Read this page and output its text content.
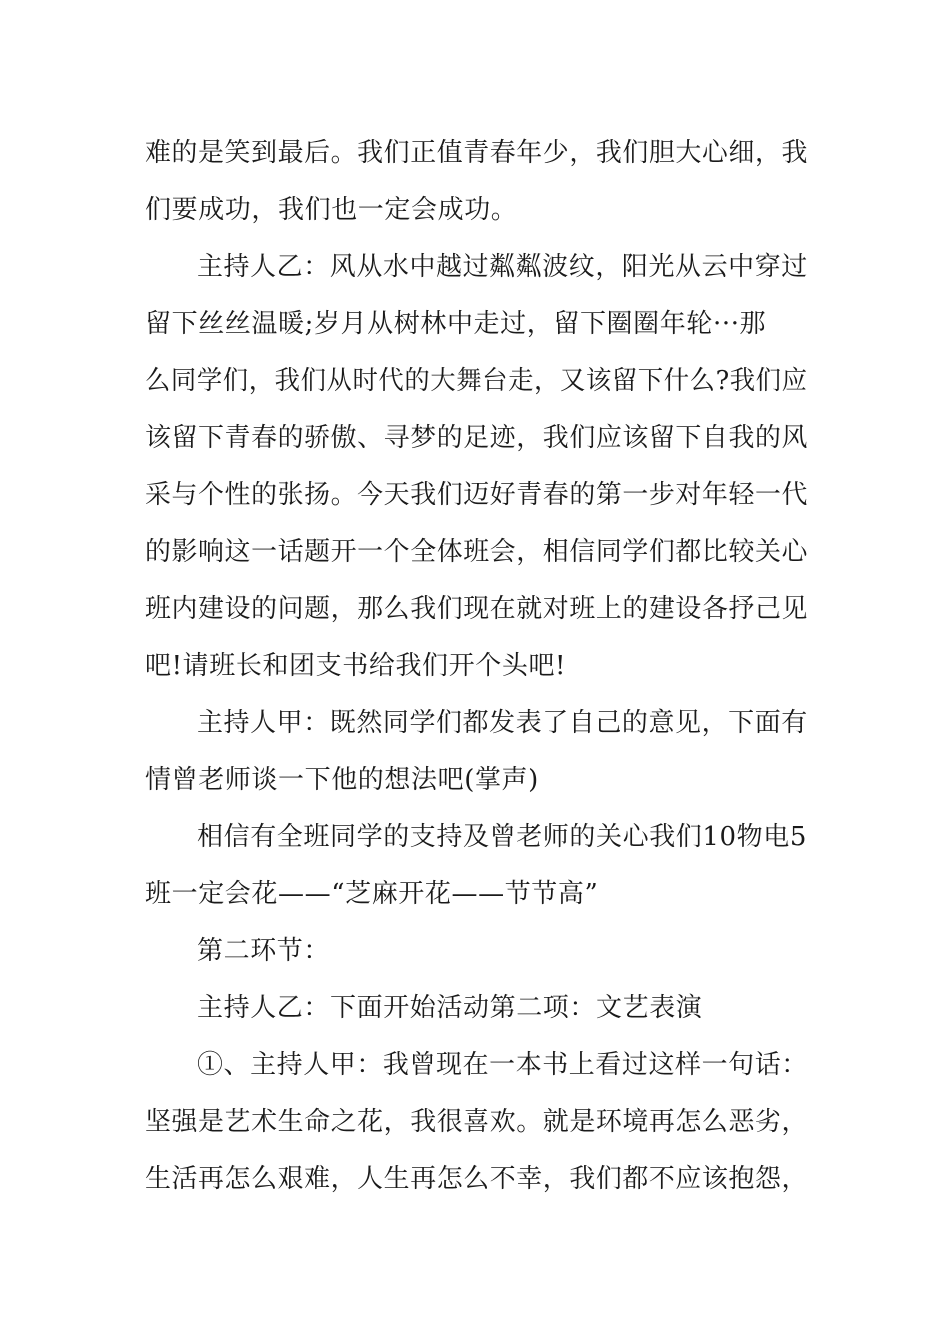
难的是笑到最后。我们正值青春年少，我们胆大心细，我
们要成功，我们也一定会成功。
主持人乙：风从水中越过粼粼波纹，阳光从云中穿过
留下丝丝温暖;岁月从树林中走过，留下圈圈年轮···那
么同学们，我们从时代的大舞台走，又该留下什么?我们应
该留下青春的骄傲、寻梦的足迹，我们应该留下自我的风
采与个性的张扬。今天我们迈好青春的第一步对年轻一代
的影响这一话题开一个全体班会，相信同学们都比较关心
班内建设的问题，那么我们现在就对班上的建设各抒己见
吧!请班长和团支书给我们开个头吧!
主持人甲：既然同学们都发表了自己的意见，下面有
情曾老师谈一下他的想法吧(掌声)
相信有全班同学的支持及曾老师的关心我们10物电5
班一定会花——“芝麻开花——节节高”
第二环节：
主持人乙：下面开始活动第二项：文艺表演
①、主持人甲：我曾现在一本书上看过这样一句话：
坚强是艺术生命之花，我很喜欢。就是环境再怎么恶劣，
生活再怎么艰难，人生再怎么不幸，我们都不应该抱怨，
